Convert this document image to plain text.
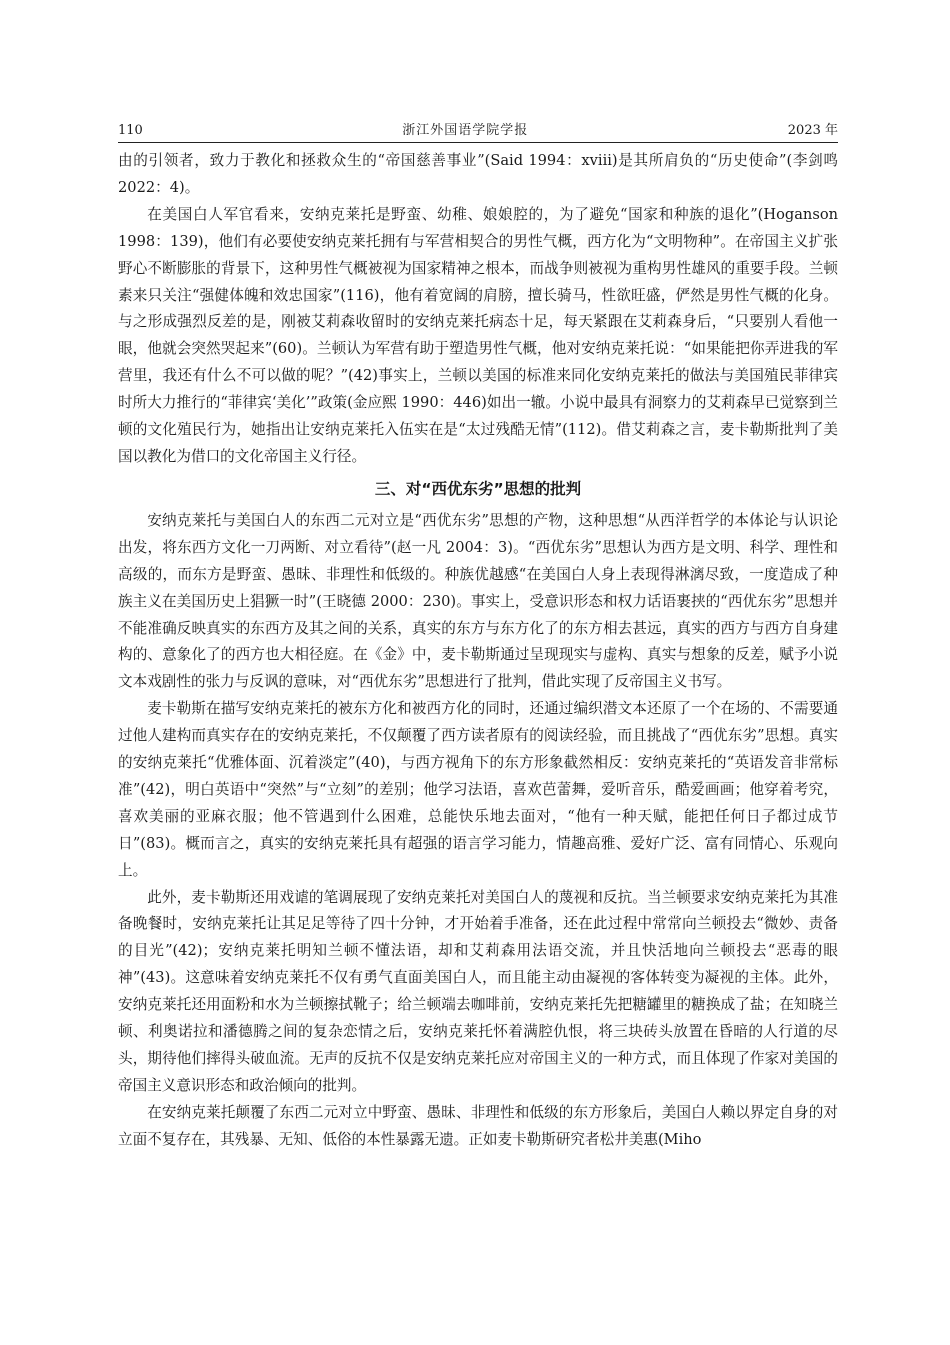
110	浙江外国语学院学报	2023 年

由的引领者，致力于教化和拯救众生的“帝国慈善事业”(Said 1994：xviii)是其所肩负的“历史使命”(李剑鸣 2022：4)。

在美国白人军官看来，安纳克莱托是野蛮、幼稚、娘娘腔的，为了避免“国家和种族的退化”(Hoganson 1998：139)，他们有必要使安纳克莱托拥有与军营相契合的男性气概，西方化为“文明物种”。在帝国主义扩张野心不断膨胀的背景下，这种男性气概被视为国家精神之根本，而战争则被视为重构男性雄风的重要手段。兰顿素来只关注“强健体魄和效忠国家”(116)，他有着宽阔的肩膀，擅长骑马，性欲旺盛，俨然是男性气概的化身。与之形成强烈反差的是，刚被艾莉森收留时的安纳克莱托病态十足，每天紧跟在艾莉森身后，“只要别人看他一眼，他就会突然哭起来”(60)。兰顿认为军营有助于塑造男性气概，他对安纳克莱托说：“如果能把你弄进我的军营里，我还有什么不可以做的呢？”(42)事实上，兰顿以美国的标准来同化安纳克莱托的做法与美国殖民菲律宾时所大力推行的“菲律宾‘美化’”政策(金应熙 1990：446)如出一辙。小说中最具有洞察力的艾莉森早已觉察到兰顿的文化殖民行为，她指出让安纳克莱托入伍实在是“太过残酷无情”(112)。借艾莉森之言，麦卡勒斯批判了美国以教化为借口的文化帝国主义行径。

三、对“西优东劣”思想的批判

安纳克莱托与美国白人的东西二元对立是“西优东劣”思想的产物，这种思想“从西洋哲学的本体论与认识论出发，将东西方文化一刀两断、对立看待”(赵一凡 2004：3)。“西优东劣”思想认为西方是文明、科学、理性和高级的，而东方是野蛮、愚昧、非理性和低级的。种族优越感“在美国白人身上表现得淋漓尽致，一度造成了种族主义在美国历史上猖獗一时”(王晓德 2000：230)。事实上，受意识形态和权力话语裹挟的“西优东劣”思想并不能准确反映真实的东西方及其之间的关系，真实的东方与东方化了的东方相去甚远，真实的西方与西方自身建构的、意象化了的西方也大相径庭。在《金》中，麦卡勒斯通过呈现现实与虚构、真实与想象的反差，赋予小说文本戏剧性的张力与反讽的意味，对“西优东劣”思想进行了批判，借此实现了反帝国主义书写。

麦卡勒斯在描写安纳克莱托的被东方化和被西方化的同时，还通过编织潜文本还原了一个在场的、不需要通过他人建构而真实存在的安纳克莱托，不仅颠覆了西方读者原有的阅读经验，而且挑战了“西优东劣”思想。真实的安纳克莱托“优雅体面、沉着淡定”(40)，与西方视角下的东方形象截然相反：安纳克莱托的“英语发音非常标准”(42)，明白英语中“突然”与“立刻”的差别；他学习法语，喜欢芭蕾舞，爱听音乐，酷爱画画；他穿着考究，喜欢美丽的亚麻衣服；他不管遇到什么困难，总能快乐地去面对，“他有一种天赋，能把任何日子都过成节日”(83)。概而言之，真实的安纳克莱托具有超强的语言学习能力，情趣高雅、爱好广泛、富有同情心、乐观向上。

此外，麦卡勒斯还用戏谑的笔调展现了安纳克莱托对美国白人的蔑视和反抗。当兰顿要求安纳克莱托为其准备晚餐时，安纳克莱托让其足足等待了四十分钟，才开始着手准备，还在此过程中常常向兰顿投去“微妙、责备的目光”(42)；安纳克莱托明知兰顿不懂法语，却和艾莉森用法语交流，并且快活地向兰顿投去“恶毒的眼神”(43)。这意味着安纳克莱托不仅有勇气直面美国白人，而且能主动由凝视的客体转变为凝视的主体。此外，安纳克莱托还用面粉和水为兰顿擦拭靴子；给兰顿端去咖啡前，安纳克莱托先把糖罐里的糖换成了盐；在知晓兰顿、利奥诺拉和潘德腾之间的复杂恋情之后，安纳克莱托怀着满腔仇恨，将三块砖头放置在昏暗的人行道的尽头，期待他们摔得头破血流。无声的反抗不仅是安纳克莱托应对帝国主义的一种方式，而且体现了作家对美国的帝国主义意识形态和政治倾向的批判。

在安纳克莱托颠覆了东西二元对立中野蛮、愚昧、非理性和低级的东方形象后，美国白人赖以界定自身的对立面不复存在，其残暴、无知、低俗的本性暴露无遗。正如麦卡勒斯研究者松井美惠(Miho
